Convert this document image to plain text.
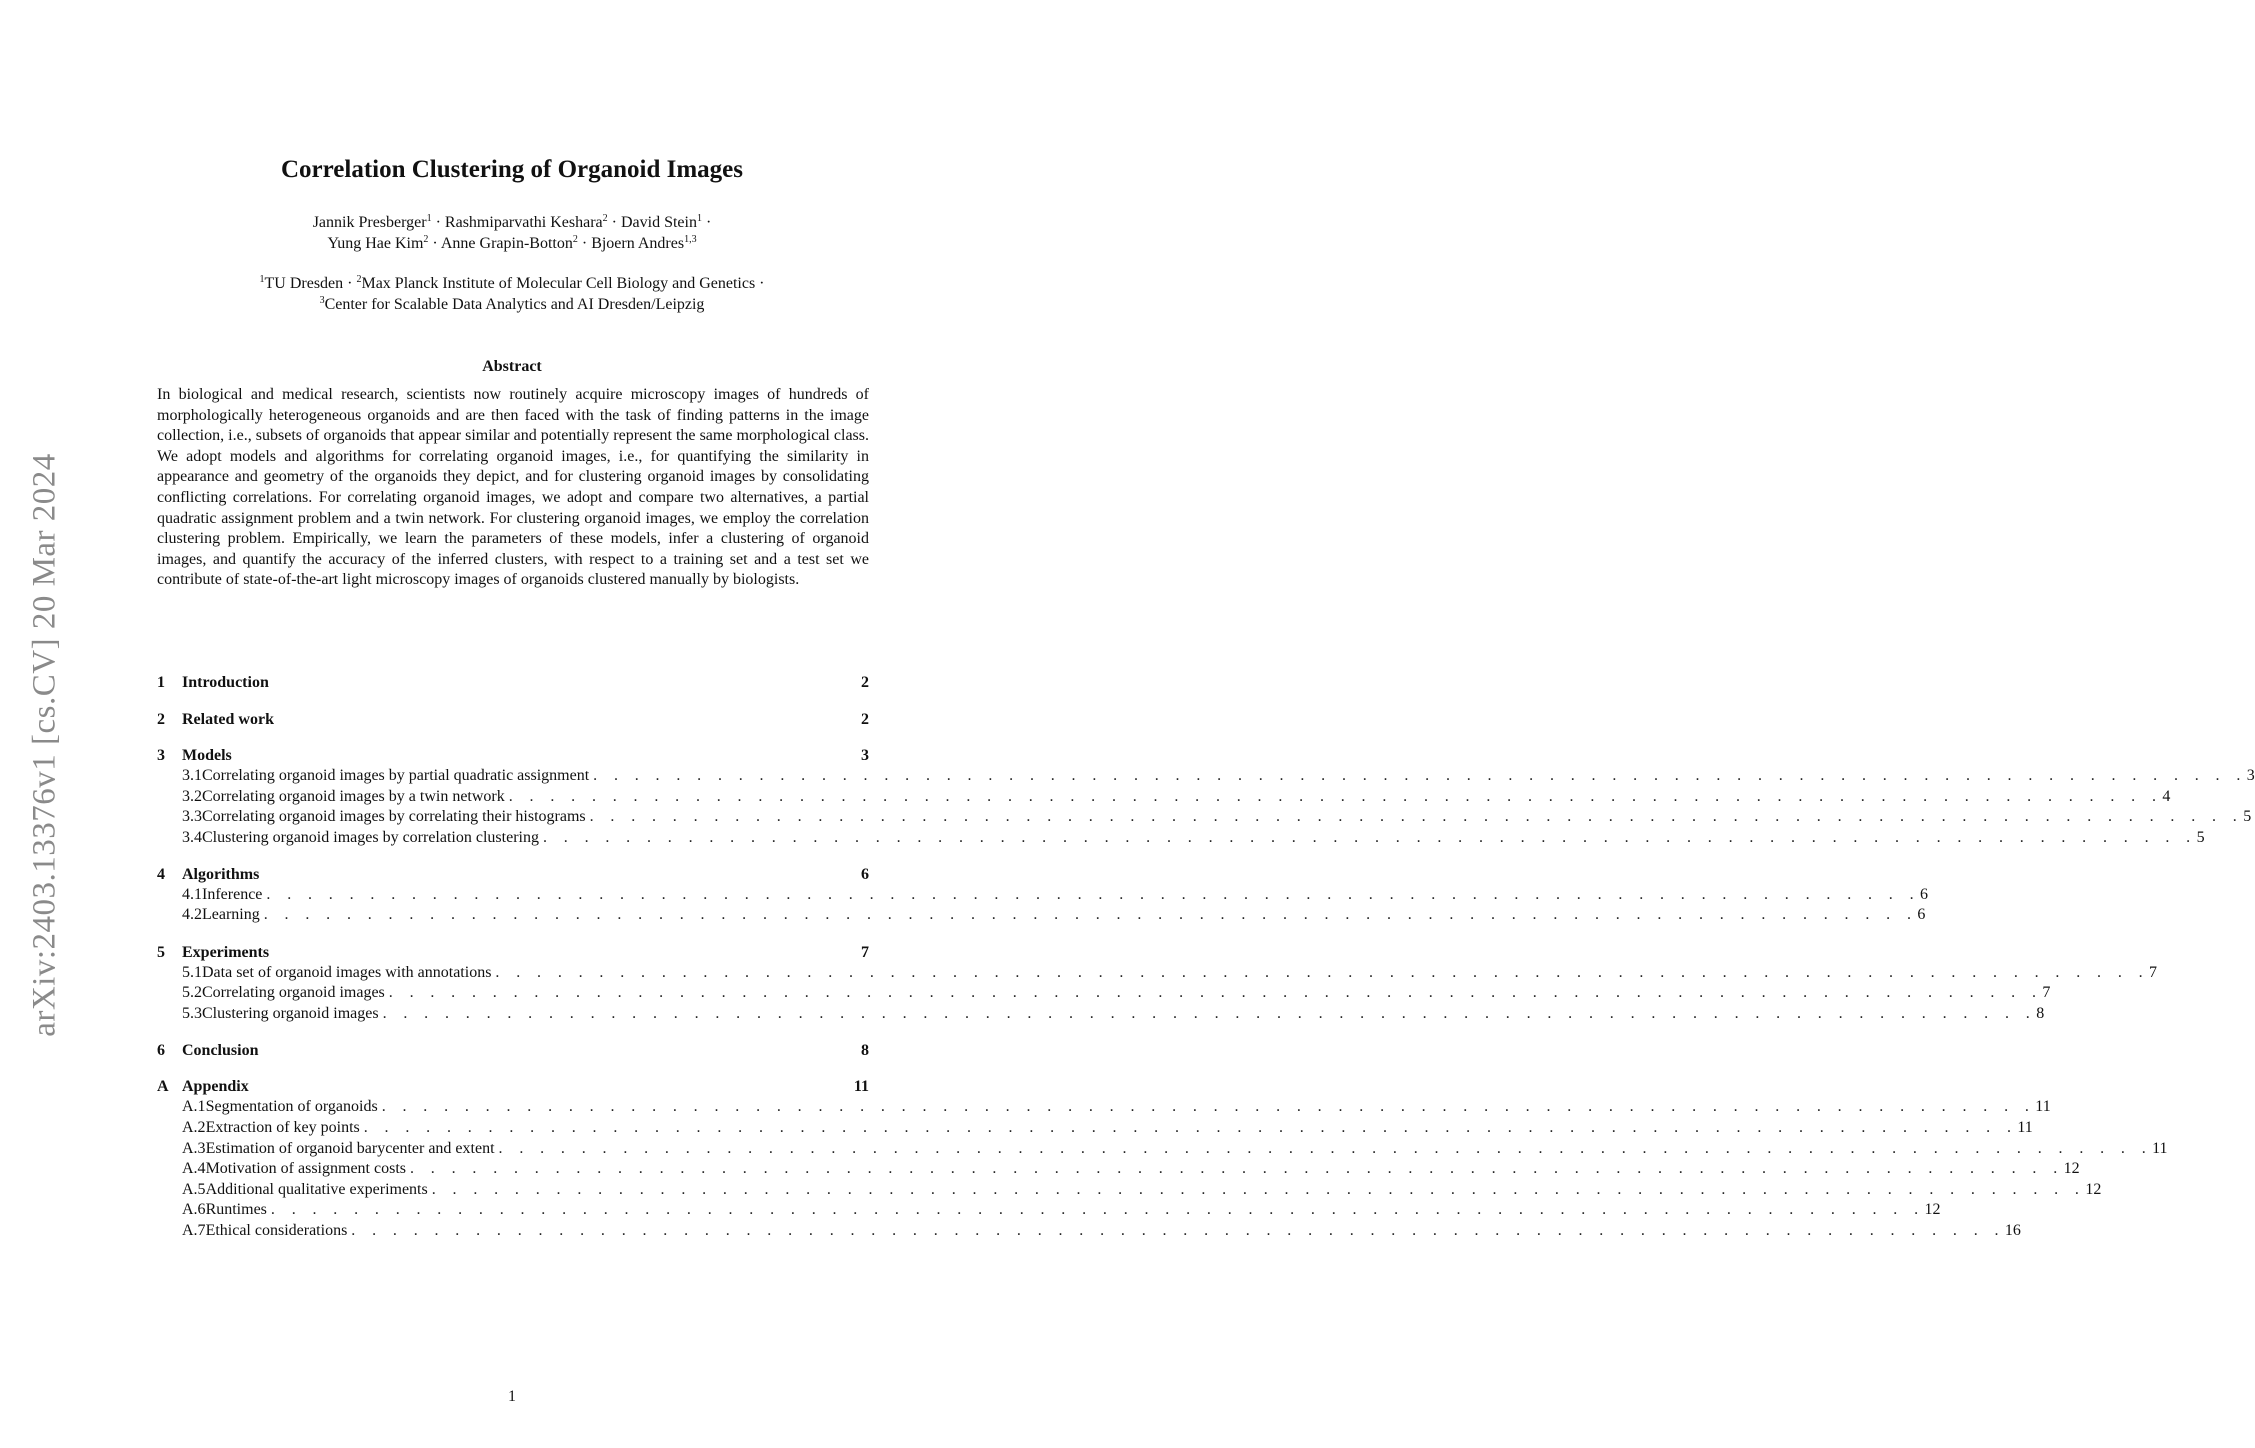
arXiv:2403.13376v1 [cs.CV] 20 Mar 2024
Correlation Clustering of Organoid Images
Jannik Presberger$^1$ · Rashmiparvathi Keshara$^2$ · David Stein$^1$ ·
Yung Hae Kim$^2$ · Anne Grapin-Botton$^2$ · Bjoern Andres$^{1,3}$
$^1$TU Dresden · $^2$Max Planck Institute of Molecular Cell Biology and Genetics ·
$^3$Center for Scalable Data Analytics and AI Dresden/Leipzig
Abstract
In biological and medical research, scientists now routinely acquire microscopy images of hundreds of morphologically heterogeneous organoids and are then faced with the task of finding patterns in the image collection, i.e., subsets of organoids that appear similar and potentially represent the same morphological class. We adopt models and algorithms for correlating organoid images, i.e., for quantifying the similarity in appearance and geometry of the organoids they depict, and for clustering organoid images by consolidating conflicting correlations. For correlating organoid images, we adopt and compare two alternatives, a partial quadratic assignment problem and a twin network. For clustering organoid images, we employ the correlation clustering problem. Empirically, we learn the parameters of these models, infer a clustering of organoid images, and quantify the accuracy of the inferred clusters, with respect to a training set and a test set we contribute of state-of-the-art light microscopy images of organoids clustered manually by biologists.
1	Introduction	2
2	Related work	2
3	Models	3
3.1 Correlating organoid images by partial quadratic assignment . . . . . . . . . . . . . . . . . . . . . . . . . . . . . . . . . . . . . . . . . . . . . . . . . . . . . . . . . . . . . . . . . . . . . . . . . . . . . . . . 3
3.2 Correlating organoid images by a twin network . . . . . . . . . . . . . . . . . . . . . . . . . . . . . . . . . . . . . . . . . . . . . . . . . . . . . . . . . . . . . . . . . . . . . . . . . . . . . . . . 4
3.3 Correlating organoid images by correlating their histograms . . . . . . . . . . . . . . . . . . . . . . . . . . . . . . . . . . . . . . . . . . . . . . . . . . . . . . . . . . . . . . . . . . . . . . . . . . . . . . . . 5
3.4 Clustering organoid images by correlation clustering . . . . . . . . . . . . . . . . . . . . . . . . . . . . . . . . . . . . . . . . . . . . . . . . . . . . . . . . . . . . . . . . . . . . . . . . . . . . . . . . 5
4	Algorithms	6
4.1 Inference . . . . . . . . . . . . . . . . . . . . . . . . . . . . . . . . . . . . . . . . . . . . . . . . . . . . . . . . . . . . . . . . . . . . . . . . . . . . . . . . 6
4.2 Learning . . . . . . . . . . . . . . . . . . . . . . . . . . . . . . . . . . . . . . . . . . . . . . . . . . . . . . . . . . . . . . . . . . . . . . . . . . . . . . . . 6
5	Experiments	7
5.1 Data set of organoid images with annotations . . . . . . . . . . . . . . . . . . . . . . . . . . . . . . . . . . . . . . . . . . . . . . . . . . . . . . . . . . . . . . . . . . . . . . . . . . . . . . . . 7
5.2 Correlating organoid images . . . . . . . . . . . . . . . . . . . . . . . . . . . . . . . . . . . . . . . . . . . . . . . . . . . . . . . . . . . . . . . . . . . . . . . . . . . . . . . . 7
5.3 Clustering organoid images . . . . . . . . . . . . . . . . . . . . . . . . . . . . . . . . . . . . . . . . . . . . . . . . . . . . . . . . . . . . . . . . . . . . . . . . . . . . . . . . 8
6	Conclusion	8
A Appendix	11
A.1 Segmentation of organoids . . . . . . . . . . . . . . . . . . . . . . . . . . . . . . . . . . . . . . . . . . . . . . . . . . . . . . . . . . . . . . . . . . . . . . . . . . . . . . . . 11
A.2 Extraction of key points . . . . . . . . . . . . . . . . . . . . . . . . . . . . . . . . . . . . . . . . . . . . . . . . . . . . . . . . . . . . . . . . . . . . . . . . . . . . . . . . 11
A.3 Estimation of organoid barycenter and extent . . . . . . . . . . . . . . . . . . . . . . . . . . . . . . . . . . . . . . . . . . . . . . . . . . . . . . . . . . . . . . . . . . . . . . . . . . . . . . . . 11
A.4 Motivation of assignment costs . . . . . . . . . . . . . . . . . . . . . . . . . . . . . . . . . . . . . . . . . . . . . . . . . . . . . . . . . . . . . . . . . . . . . . . . . . . . . . . . 12
A.5 Additional qualitative experiments . . . . . . . . . . . . . . . . . . . . . . . . . . . . . . . . . . . . . . . . . . . . . . . . . . . . . . . . . . . . . . . . . . . . . . . . . . . . . . . . 12
A.6 Runtimes . . . . . . . . . . . . . . . . . . . . . . . . . . . . . . . . . . . . . . . . . . . . . . . . . . . . . . . . . . . . . . . . . . . . . . . . . . . . . . . . 12
A.7 Ethical considerations . . . . . . . . . . . . . . . . . . . . . . . . . . . . . . . . . . . . . . . . . . . . . . . . . . . . . . . . . . . . . . . . . . . . . . . . . . . . . . . . 16
1
